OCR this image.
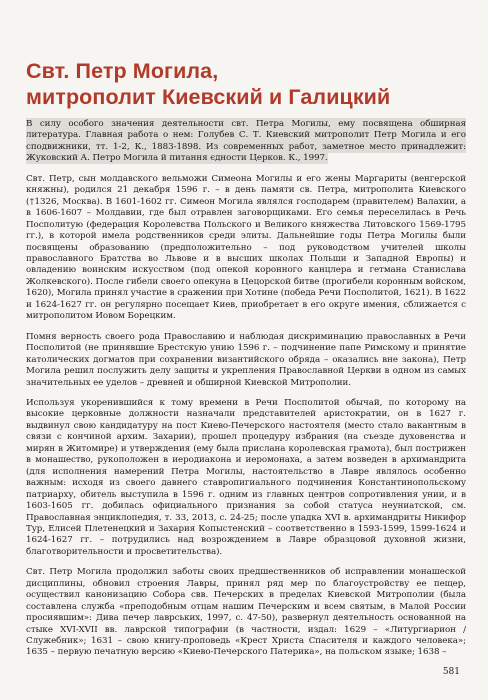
Свт. Петр Могила,
митрополит Киевский и Галицкий

В силу особого значения деятельности свт. Петра Могилы, ему посвящена обширная литература. Главная работа о нем: Голубев С. Т. Киевский митрополит Петр Могила и его сподвижники, тт. 1-2, К., 1883-1898. Из современных работ, заметное место принадлежит: Жуковский А. Петро Могила й питання єдности Церков. К., 1997.

Свт. Петр, сын молдавского вельможи Симеона Могилы и его жены Маргариты (венгерской княжны), родился 21 декабря 1596 г. – в день памяти св. Петра, митрополита Киевского (†1326, Москва). В 1601-1602 гг. Симеон Могила являлся господарем (правителем) Валахии, а в 1606-1607 – Молдавии, где был отравлен заговорщиками. Его семья переселилась в Речь Посполитую (федерация Королевства Польского и Великого княжества Литовского 1569-1795 гг.), в которой имела родственников среди элиты. Дальнейшие годы Петра Могилы были посвящены образованию (предположительно – под руководством учителей школы православного Братства во Львове и в высших школах Польши и Западной Европы) и овладению воинским искусством (под опекой коронного канцлера и гетмана Станислава Жолкевского). После гибели своего опекуна в Цецорской битве (прогибели коронным войском, 1620), Могила принял участие в сражении при Хотине (победа Речи Посполитой, 1621). В 1622 и 1624-1627 гг. он регулярно посещает Киев, приобретает в его округе имения, сближается с митрополитом Иовом Борецким.

Помня верность своего рода Православию и наблюдая дискриминацию православных в Речи Посполитой (не принявшие Брестскую унию 1596 г. – подчинение папе Римскому и принятие католических догматов при сохранении византийского обряда – оказались вне закона), Петр Могила решил послужить делу защиты и укрепления Православной Церкви в одном из самых значительных ее уделов – древней и обширной Киевской Митрополии.

Используя укоренившийся к тому времени в Речи Посполитой обычай, по которому на высокие церковные должности назначали представителей аристократии, он в 1627 г. выдвинул свою кандидатуру на пост Киево-Печерского настоятеля (место стало вакантным в связи с кончиной архим. Захарии), прошел процедуру избрания (на съезде духовенства и мирян в Житомире) и утверждения (ему была прислана королевская грамота), был пострижен в монашество, рукоположен в иеродиакона и иеромонаха, а затем возведен в архимандрита (для исполнения намерений Петра Могилы, настоятельство в Лавре являлось особенно важным: исходя из своего давнего ставропигиального подчинения Константинопольскому патриарху, обитель выступила в 1596 г. одним из главных центров сопротивления унии, и в 1603-1605 гг. добилась официального признания за собой статуса неуниатской, см. Православная энциклопедия, т. 33, 2013, с. 24-25; после упадка XVI в. архимандриты Никифор Тур, Елисей Плетенецкий и Захария Копыстенский – соответственно в 1593-1599, 1599-1624 и 1624-1627 гг. – потрудились над возрождением в Лавре образцовой духовной жизни, благотворительности и просветительства).

Свт. Петр Могила продолжил заботы своих предшественников об исправлении монашеской дисциплины, обновил строения Лавры, принял ряд мер по благоустройству ее пещер, осуществил канонизацию Собора свв. Печерских в пределах Киевской Митрополии (была составлена служба «преподобным отцам нашим Печерским и всем святым, в Малой России просиявшим»: Дива печер лаврських, 1997, с. 47-50), развернул деятельность основанной на стыке XVI-XVII вв. лаврской типографии (в частности, издал: 1629 – «Литургиарион / Служебник»; 1631 – свою книгу-проповедь «Крест Христа Спасителя и каждого человека»; 1635 – первую печатную версию «Киево-Печерского Патерика», на польском языке; 1638 –

581
